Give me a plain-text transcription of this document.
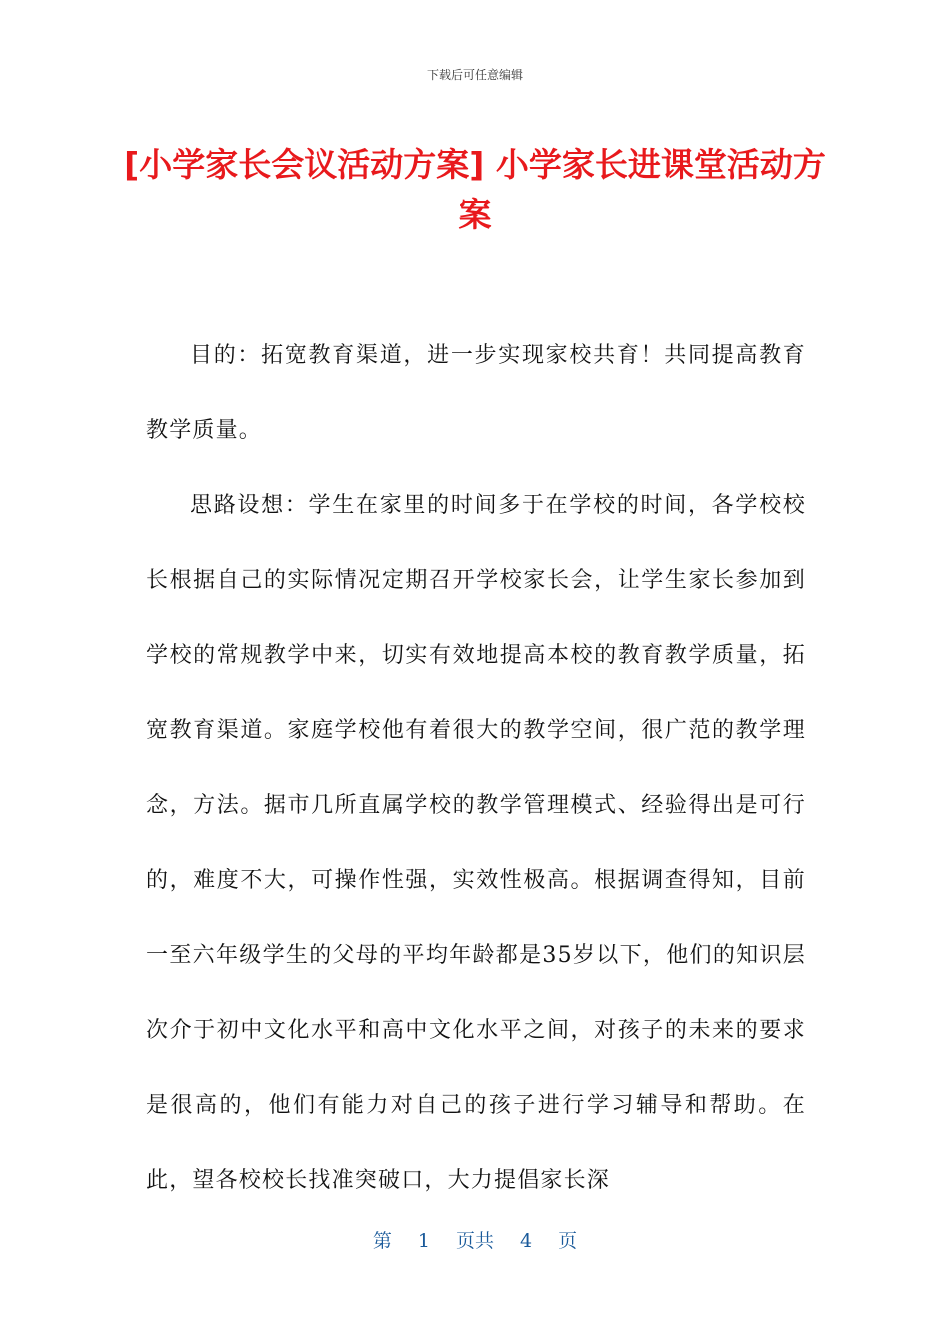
下载后可任意编辑
[小学家长会议活动方案] 小学家长进课堂活动方案

目的：拓宽教育渠道，进一步实现家校共育！共同提高教育教学质量。

思路设想：学生在家里的时间多于在学校的时间，各学校校长根据自己的实际情况定期召开学校家长会，让学生家长参加到学校的常规教学中来，切实有效地提高本校的教育教学质量，拓宽教育渠道。家庭学校他有着很大的教学空间，很广范的教学理念，方法。据市几所直属学校的教学管理模式、经验得出是可行的，难度不大，可操作性强，实效性极高。根据调查得知，目前一至六年级学生的父母的平均年龄都是35岁以下，他们的知识层次介于初中文化水平和高中文化水平之间，对孩子的未来的要求是很高的，他们有能力对自己的孩子进行学习辅导和帮助。在此，望各校校长找准突破口，大力提倡家长深

第 1 页共 4 页
